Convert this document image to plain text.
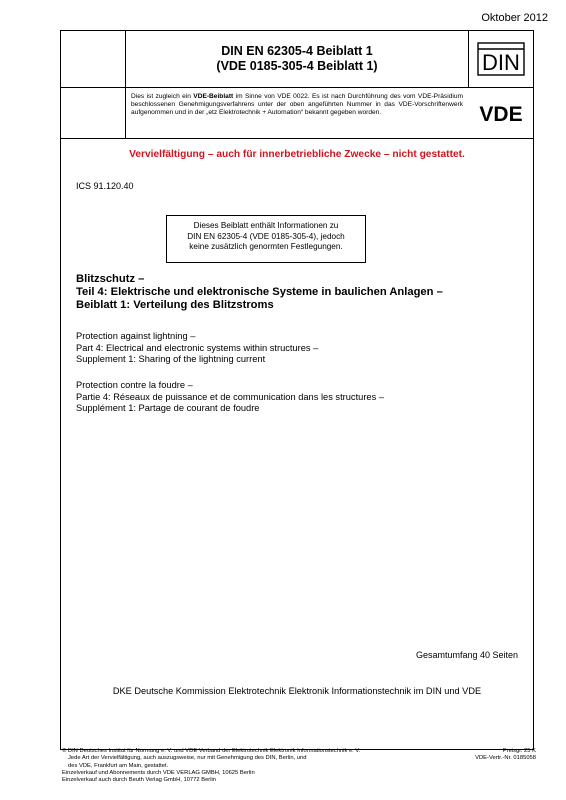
Oktober 2012
DIN EN 62305-4 Beiblatt 1
(VDE 0185-305-4 Beiblatt 1)	DIN
Dies ist zugleich ein VDE-Beiblatt im Sinne von VDE 0022. Es ist nach Durchführung des vom VDE-Präsidium beschlossenen Genehmigungsverfahrens unter der oben angeführten Nummer in das VDE-Vorschriftenwerk aufgenommen und in der „etz Elektrotechnik + Automation“ bekannt gegeben worden.	VDE
Vervielfältigung – auch für innerbetriebliche Zwecke – nicht gestattet.
ICS 91.120.40
Dieses Beiblatt enthält Informationen zu
DIN EN 62305-4 (VDE 0185-305-4), jedoch
keine zusätzlich genormten Festlegungen.
Blitzschutz –
Teil 4: Elektrische und elektronische Systeme in baulichen Anlagen –
Beiblatt 1: Verteilung des Blitzstroms
Protection against lightning –
Part 4: Electrical and electronic systems within structures –
Supplement 1: Sharing of the lightning current
Protection contre la foudre –
Partie 4: Réseaux de puissance et de communication dans les structures –
Supplément 1: Partage de courant de foudre
Gesamtumfang 40 Seiten
DKE Deutsche Kommission Elektrotechnik Elektronik Informationstechnik im DIN und VDE
© DIN Deutsches Institut für Normung e. V. und VDE Verband der Elektrotechnik Elektronik Informationstechnik e. V.
Jede Art der Vervielfältigung, auch auszugsweise, nur mit Genehmigung des DIN, Berlin, und
des VDE, Frankfurt am Main, gestattet.
Einzelverkauf und Abonnements durch VDE VERLAG GMBH, 10625 Berlin
Einzelverkauf auch durch Beuth Verlag GmbH, 10772 Berlin
Preisgr. 25 K
VDE-Vertr.-Nr. 0185058
